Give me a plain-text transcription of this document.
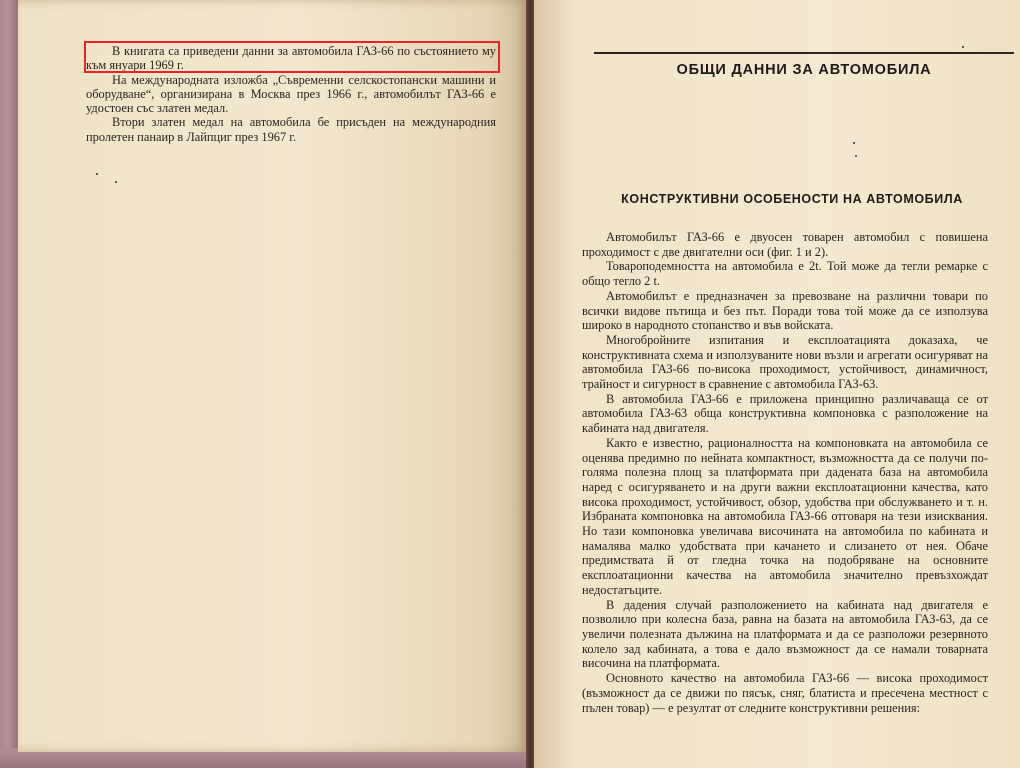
В книгата са приведени данни за автомобила ГАЗ-66 по състоянието му към януари 1969 г.

На международната изложба „Съвременни селскостопански машини и оборудване“, организирана в Москва през 1966 г., автомобилът ГАЗ-66 е удостоен със златен медал.

Втори златен медал на автомобила бе присъден на международния пролетен панаир в Лайпциг през 1967 г.

ОБЩИ ДАННИ ЗА АВТОМОБИЛА
КОНСТРУКТИВНИ ОСОБЕНОСТИ НА АВТОМОБИЛА

Автомобилът ГАЗ-66 е двуосен товарен автомобил с повишена проходимост с две двигателни оси (фиг. 1 и 2).

Товароподемността на автомобила е 2t. Той може да тегли ремарке с общо тегло 2 t.

Автомобилът е предназначен за превозване на различни товари по всички видове пътища и без път. Поради това той може да се използува широко в народното стопанство и във войската.

Многобройните изпитания и експлоатацията доказаха, че конструктивната схема и използуваните нови възли и агрегати осигуряват на автомобила ГАЗ-66 по-висока проходимост, устойчивост, динамичност, трайност и сигурност в сравнение с автомобила ГАЗ-63.

В автомобила ГАЗ-66 е приложена принципно различаваща се от автомобила ГАЗ-63 обща конструктивна компоновка с разположение на кабината над двигателя.

Както е известно, рационалността на компоновката на автомобила се оценява предимно по нейната компактност, възможността да се получи по-голяма полезна площ за платформата при дадената база на автомобила наред с осигуряването и на други важни експлоатационни качества, като висока проходимост, устойчивост, обзор, удобства при обслужването и т. н. Избраната компоновка на автомобила ГАЗ-66 отговаря на тези изисквания. Но тази компоновка увеличава височината на автомобила по кабината и намалява малко удобствата при качането и слизането от нея. Обаче предимствата й от гледна точка на подобряване на основните експлоатационни качества на автомобила значително превъзхождат недостатъците.

В дадения случай разположението на кабината над двигателя е позволило при колесна база, равна на базата на автомобила ГАЗ-63, да се увеличи полезната дължина на платформата и да се разположи резервното колело зад кабината, а това е дало възможност да се намали товарната височина на платформата.

Основното качество на автомобила ГАЗ-66 — висока проходимост (възможност да се движи по пясък, сняг, блатиста и пресечена местност с пълен товар) — е резултат от следните конструктивни решения:
